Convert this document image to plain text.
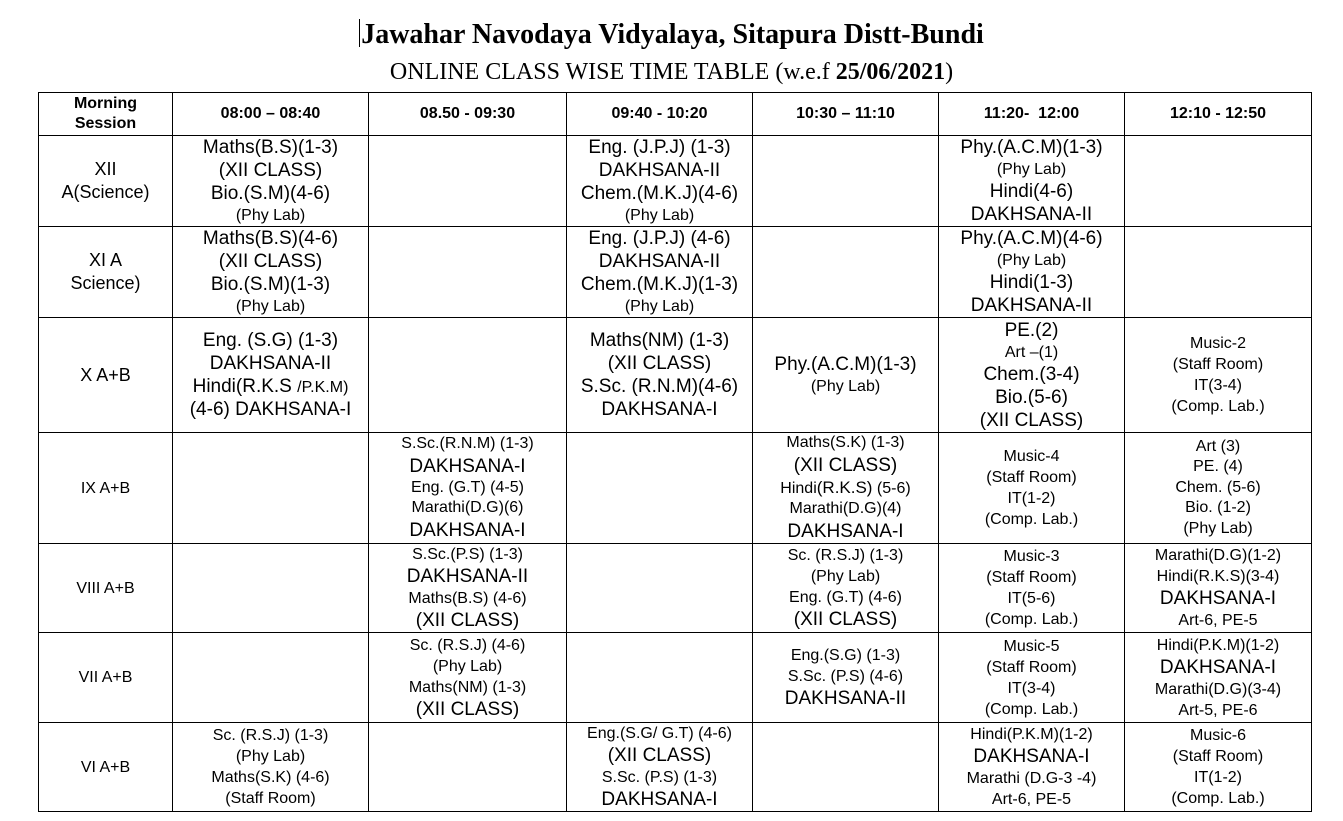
Jawahar Navodaya Vidyalaya, Sitapura Distt-Bundi
ONLINE CLASS WISE TIME TABLE (w.e.f 25/06/2021)
Morning
Session	08:00 – 08:40	08.50 - 09:30	09:40 - 10:20	10:30 – 11:10	11:20-  12:00	12:10 - 12:50

XII
A(Science)	Maths(B.S)(1-3)
(XII CLASS)
Bio.(S.M)(4-6)
(Phy Lab)		Eng. (J.P.J) (1-3)
DAKHSANA-II
Chem.(M.K.J)(4-6)
(Phy Lab)		Phy.(A.C.M)(1-3)
(Phy Lab)
Hindi(4-6)
DAKHSANA-II	

XI A
Science)	Maths(B.S)(4-6)
(XII CLASS)
Bio.(S.M)(1-3)
(Phy Lab)		Eng. (J.P.J) (4-6)
DAKHSANA-II
Chem.(M.K.J)(1-3)
(Phy Lab)		Phy.(A.C.M)(4-6)
(Phy Lab)
Hindi(1-3)
DAKHSANA-II	

X A+B	Eng. (S.G) (1-3)
DAKHSANA-II
Hindi(R.K.S /P.K.M)
(4-6) DAKHSANA-I		Maths(NM) (1-3)
(XII CLASS)
S.Sc. (R.N.M)(4-6)
DAKHSANA-I	Phy.(A.C.M)(1-3)
(Phy Lab)	PE.(2)
Art –(1)
Chem.(3-4)
Bio.(5-6)
(XII CLASS)	Music-2
(Staff Room)
IT(3-4)
(Comp. Lab.)

IX A+B		S.Sc.(R.N.M) (1-3)
DAKHSANA-I
Eng. (G.T) (4-5)
Marathi(D.G)(6)
DAKHSANA-I		Maths(S.K) (1-3)
(XII CLASS)
Hindi(R.K.S) (5-6)
Marathi(D.G)(4)
DAKHSANA-I	Music-4
(Staff Room)
IT(1-2)
(Comp. Lab.)	Art (3)
PE. (4)
Chem. (5-6)
Bio. (1-2)
(Phy Lab)

VIII A+B		S.Sc.(P.S) (1-3)
DAKHSANA-II
Maths(B.S) (4-6)
(XII CLASS)		Sc. (R.S.J) (1-3)
(Phy Lab)
Eng. (G.T) (4-6)
(XII CLASS)	Music-3
(Staff Room)
IT(5-6)
(Comp. Lab.)	Marathi(D.G)(1-2)
Hindi(R.K.S)(3-4)
DAKHSANA-I
Art-6, PE-5

VII A+B		Sc. (R.S.J) (4-6)
(Phy Lab)
Maths(NM) (1-3)
(XII CLASS)		Eng.(S.G) (1-3)
S.Sc. (P.S) (4-6)
DAKHSANA-II	Music-5
(Staff Room)
IT(3-4)
(Comp. Lab.)	Hindi(P.K.M)(1-2)
DAKHSANA-I
Marathi(D.G)(3-4)
Art-5, PE-6

VI A+B	Sc. (R.S.J) (1-3)
(Phy Lab)
Maths(S.K) (4-6)
(Staff Room)		Eng.(S.G/ G.T) (4-6)
(XII CLASS)
S.Sc. (P.S) (1-3)
DAKHSANA-I		Hindi(P.K.M)(1-2)
DAKHSANA-I
Marathi (D.G-3 -4)
Art-6, PE-5	Music-6
(Staff Room)
IT(1-2)
(Comp. Lab.)
